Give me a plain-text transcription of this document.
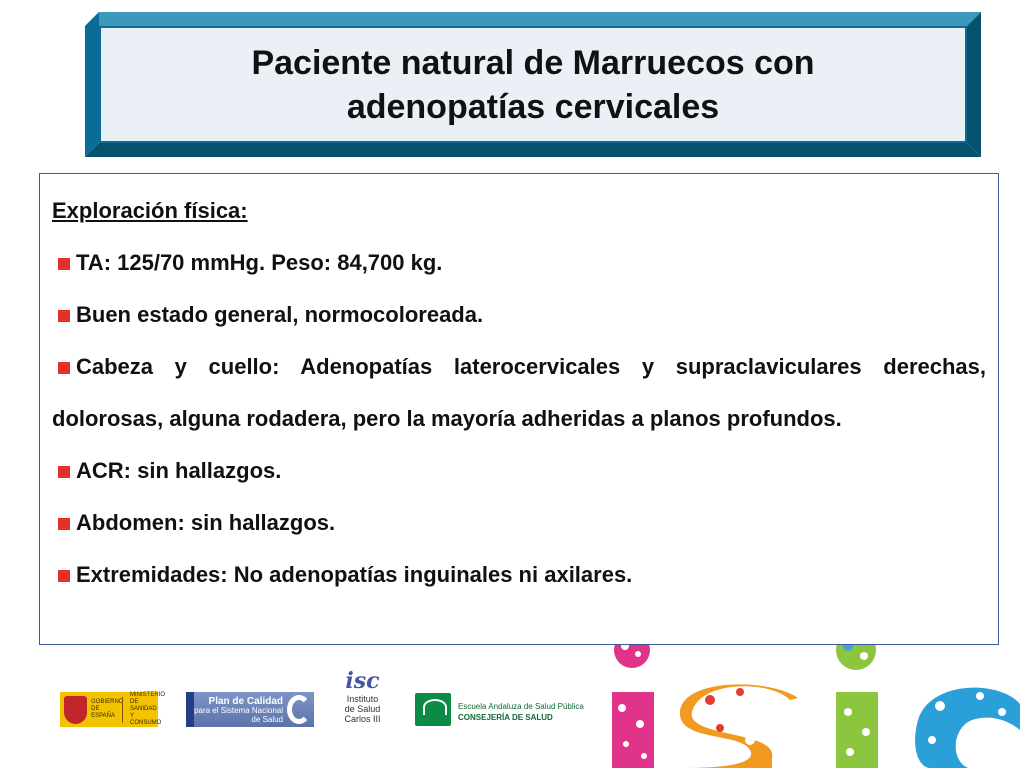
Paciente natural de Marruecos con
adenopatías cervicales
Exploración física:
TA: 125/70 mmHg. Peso: 84,700 kg.
Buen estado general, normocoloreada.
Cabeza y cuello: Adenopatías laterocervicales y supraclaviculares derechas, dolorosas, alguna rodadera, pero la mayoría adheridas a planos profundos.
ACR: sin hallazgos.
Abdomen: sin hallazgos.
Extremidades: No adenopatías inguinales ni axilares.
GOBIERNO DE ESPAÑA
MINISTERIO DE SANIDAD Y CONSUMO
Plan de Calidad
para el Sistema Nacional
de Salud
isc
Instituto
de Salud
Carlos III
Escuela Andaluza de Salud Pública
CONSEJERÍA DE SALUD
